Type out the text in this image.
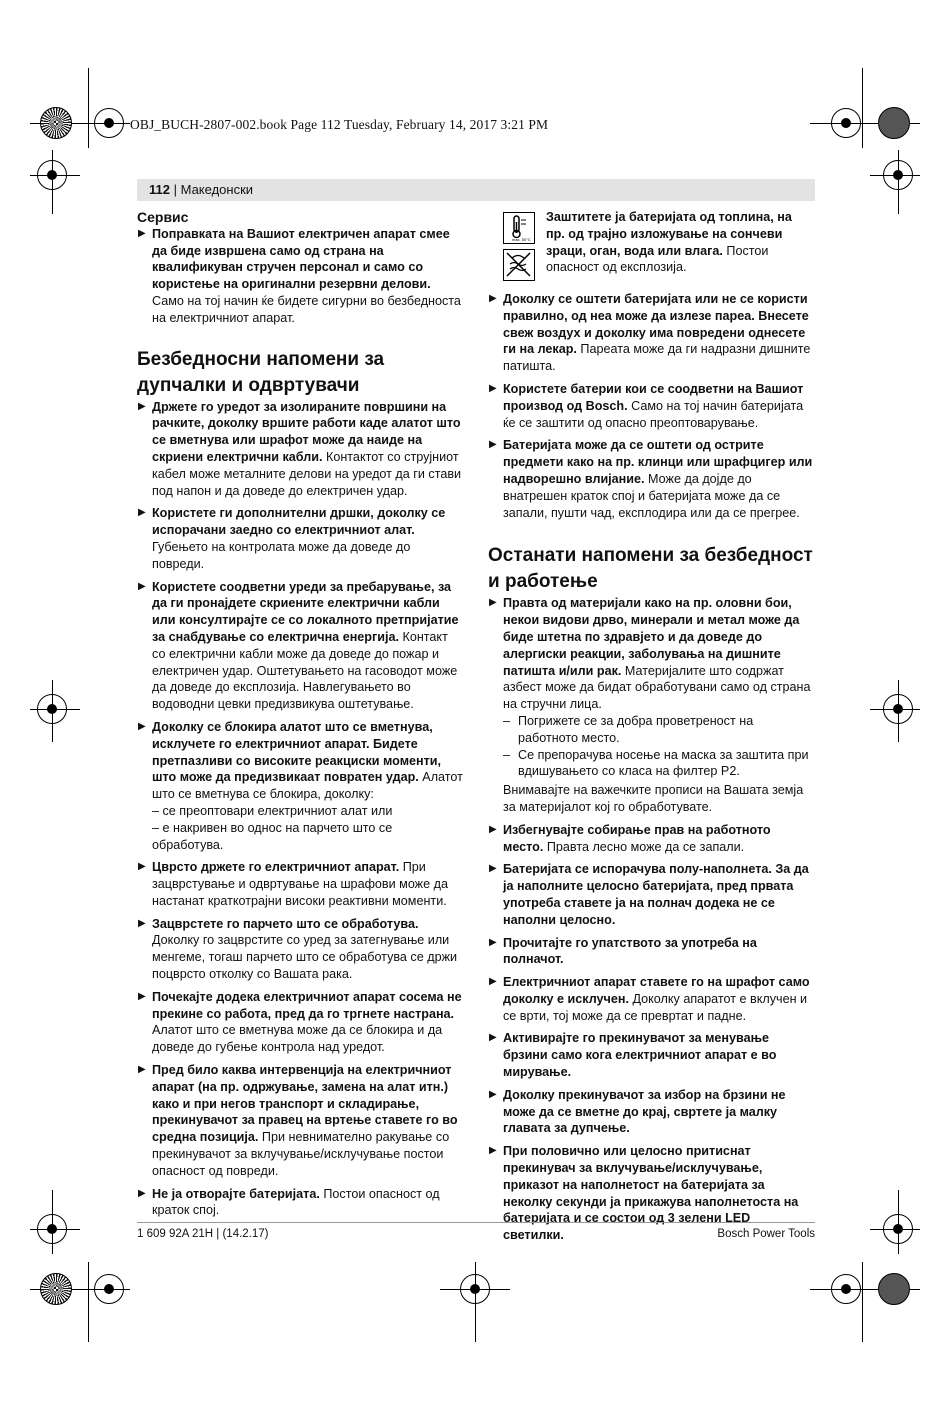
OBJ_BUCH-2807-002.book Page 112 Tuesday, February 14, 2017 3:21 PM
112 | Македонски

Сервис

▶ Поправката на Вашиот електричен апарат смее да биде извршена само од страна на квалификуван стручен персонал и само со користење на оригинални резервни делови. Само на тој начин ќе бидете сигурни во безбедноста на електричниот апарат.

Безбедносни напомени за дупчалки и одвртувачи

▶ Држете го уредот за изолираните површини на рачките, доколку вршите работи каде алатот што се вметнува или шрафот може да наиде на скриени електрични кабли. Контактот со струјниот кабел може металните делови на уредот да ги стави под напон и да доведе до електричен удар.
▶ Користете ги дополнителни дршки, доколку се испорачани заедно со електричниот алат. Губењето на контролата може да доведе до повреди.
▶ Користете соодветни уреди за пребарување, за да ги пронајдете скриените електрични кабли или консултирајте се со локалното претпријатие за снабдување со електрична енергија. Контакт со електрични кабли може да доведе до пожар и електричен удар. Оштетувањето на гасоводот може да доведе до експлозија. Навлегувањето во водоводни цевки предизвикува оштетување.
▶ Доколку се блокира алатот што се вметнува, исклучете го електричниот апарат. Бидете претпазливи со високите реакциски моменти, што може да предизвикаат повратен удар. Алатот што се вметнува се блокира, доколку:
– се преоптовари електричниот алат или
– е накривен во однос на парчето што се обработува.
▶ Цврсто држете го електричниот апарат. При зацврстување и одвртување на шрафови може да настанат краткотрајни високи реактивни моменти.
▶ Зацврстете го парчето што се обработува. Доколку го зацврстите со уред за затегнување или менгеме, тогаш парчето што се обработува се држи поцврсто отколку со Вашата рака.
▶ Почекајте додека електричниот апарат сосема не прекине со работа, пред да го тргнете настрана. Алатот што се вметнува може да се блокира и да доведе до губење контрола над уредот.
▶ Пред било каква интервенција на електричниот апарат (на пр. одржување, замена на алат итн.) како и при негов транспорт и складирање, прекинувачот за правец на вртење ставете го во средна позиција. При невнимателно ракување со прекинувачот за вклучување/исклучување постои опасност од повреди.
▶ Не ја отворајте батеријата. Постои опасност од краток спој.
max. 50°C
Заштитете ја батеријата од топлина, на пр. од трајно изложување на сончеви зраци, оган, вода или влага. Постои опасност од експлозија.
▶ Доколку се оштети батеријата или не се користи правилно, од неа може да излезе пареа. Внесете свеж воздух и доколку има повредени однесете ги на лекар. Пареата може да ги надразни дишните патишта.
▶ Користете батерии кои се соодветни на Вашиот производ од Bosch. Само на тој начин батеријата ќе се заштити од опасно преоптоварување.
▶ Батеријата може да се оштети од острите предмети како на пр. клинци или шрафцигер или надворешно влијание. Може да дојде до внатрешен краток спој и батеријата може да се запали, пушти чад, експлодира или да се прегрее.

Останати напомени за безбедност и работење

▶ Правта од материјали како на пр. оловни бои, некои видови дрво, минерали и метал може да биде штетна по здравјето и да доведе до алергиски реакции, заболувања на дишните патишта и/или рак. Материјалите што содржат азбест може да бидат обработувани само од страна на стручни лица.
– Погрижете се за добра проветреност на работното место.
– Се препорачува носење на маска за заштита при вдишувањето со класа на филтер P2.
Внимавајте на важечките прописи на Вашата земја за материјалот кој го обработувате.
▶ Избегнувајте собирање прав на работното место. Правта лесно може да се запали.
▶ Батеријата се испорачува полу-наполнета. За да ја наполните целосно батеријата, пред првата употреба ставете ја на полнач додека не се наполни целосно.
▶ Прочитајте го упатството за употреба на полначот.
▶ Електричниот апарат ставете го на шрафот само доколку е исклучен. Доколку апаратот е вклучен и се врти, тој може да се превртат и падне.
▶ Активирајте го прекинувачот за менување брзини само кога електричниот апарат е во мирување.
▶ Доколку прекинувачот за избор на брзини не може да се вметне до крај, свртете ја малку главата за дупчење.
▶ При половично или целосно притиснат прекинувач за вклучување/исклучување, приказот на наполнетост на батеријата за неколку секунди ја прикажува наполнетоста на батеријата и се состои од 3 зелени LED светилки.
1 609 92A 21H | (14.2.17)	Bosch Power Tools
